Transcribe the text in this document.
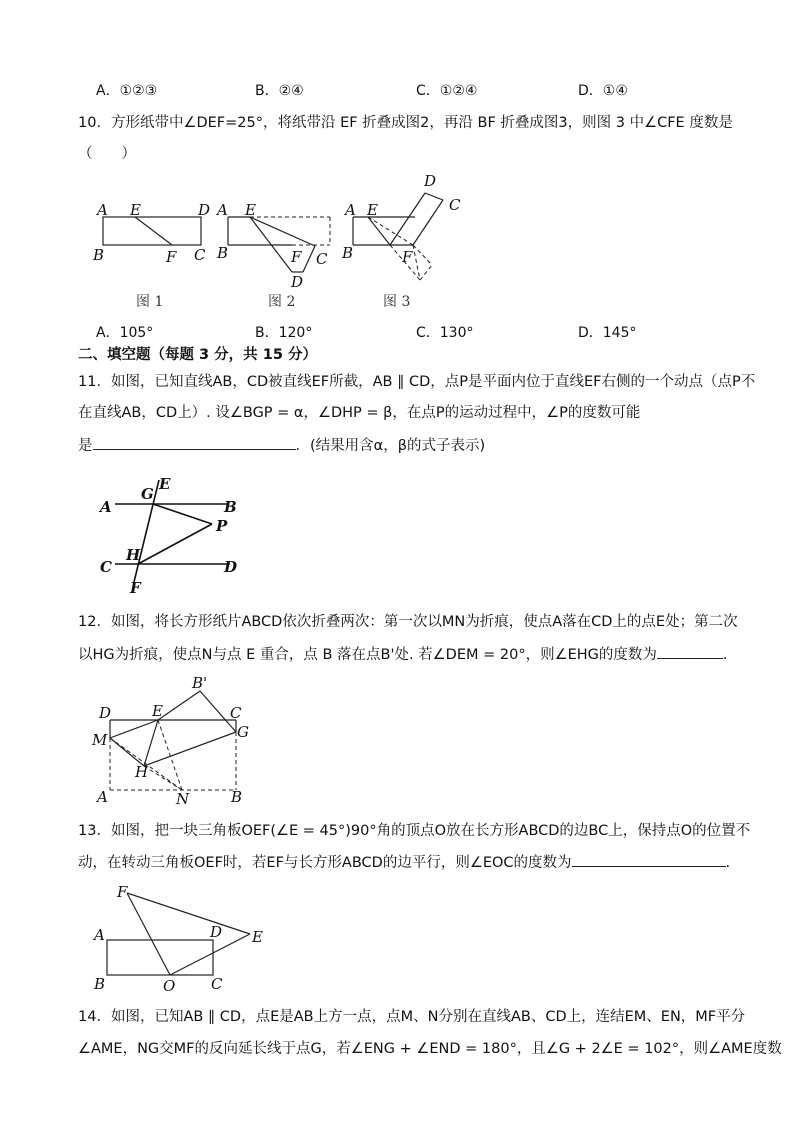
A．①②③	B．②④	C．①②④	D．①④
10．方形纸带中∠DEF=25°，将纸带沿 EF 折叠成图2，再沿 BF 折叠成图3，则图 3 中∠CFE 度数是
（　　）
A E	D
B	F C
图 1
A E
B	F C
D
图 2
A E
B	F
D
C
图 3
A．105°	B．120°	C．130°	D．145°
二、填空题（每题 3 分，共 15 分）
11．如图，已知直线AB，CD被直线EF所截，AB ∥ CD，点P是平面内位于直线EF右侧的一个动点（点P不
在直线AB，CD上）. 设∠BGP = α，∠DHP = β，在点P的运动过程中，∠P的度数可能
是	．(结果用含α，β的式子表示)
A
G
E
B
P
H
C	D
F
12．如图，将长方形纸片ABCD依次折叠两次：第一次以MN为折痕，使点A落在CD上的点E处；第二次
以HG为折痕，使点N与点 E 重合，点 B 落在点B'处. 若∠DEM = 20°，则∠EHG的度数为	.
D	E
B'
C
M	G
H
A	N	B
13．如图，把一块三角板OEF(∠E = 45°)90°角的顶点O放在长方形ABCD的边BC上，保持点O的位置不
动，在转动三角板OEF时，若EF与长方形ABCD的边平行，则∠EOC的度数为	.
F
A	D E
B	O C
14．如图，已知AB ∥ CD，点E是AB上方一点，点M、N分别在直线AB、CD上，连结EM、EN，MF平分
∠AME，NG交MF的反向延长线于点G，若∠ENG + ∠END = 180°，且∠G + 2∠E = 102°，则∠AME度数
